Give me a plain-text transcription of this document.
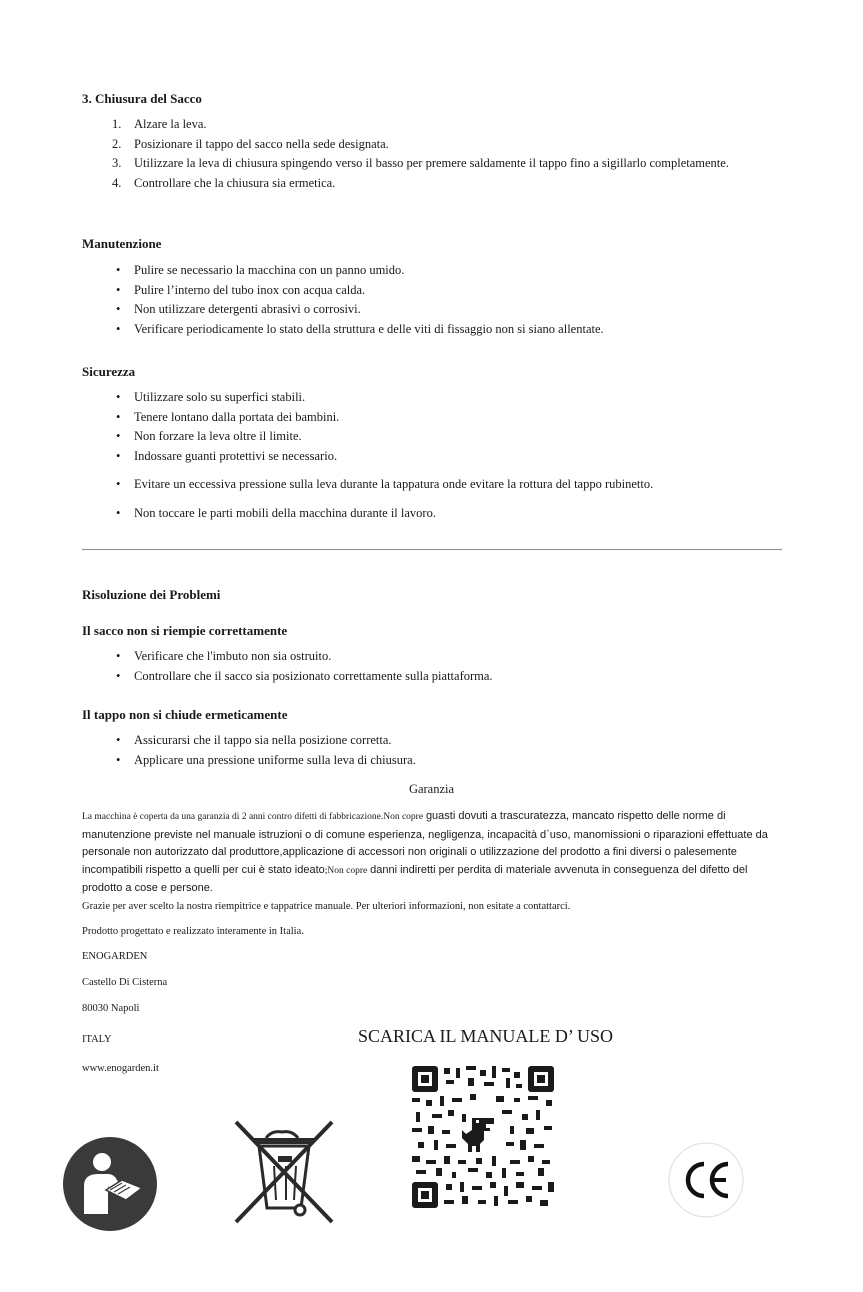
3. Chiusura del Sacco
1. Alzare la leva.
2. Posizionare il tappo del sacco nella sede designata.
3. Utilizzare la leva di chiusura spingendo verso il basso per premere saldamente il tappo fino a sigillarlo completamente.
4. Controllare che la chiusura sia ermetica.
Manutenzione
• Pulire se necessario la macchina con un panno umido.
• Pulire l’interno del tubo inox con acqua calda.
• Non utilizzare detergenti abrasivi o corrosivi.
• Verificare periodicamente lo stato della struttura e delle viti di fissaggio non si siano allentate.
Sicurezza
• Utilizzare solo su superfici stabili.
• Tenere lontano dalla portata dei bambini.
• Non forzare la leva oltre il limite.
• Indossare guanti protettivi se necessario.
• Evitare un eccessiva pressione sulla leva durante la tappatura onde evitare la rottura del tappo rubinetto.
• Non toccare le parti mobili della macchina durante il lavoro.
Risoluzione dei Problemi
Il sacco non si riempie correttamente
• Verificare che l'imbuto non sia ostruito.
• Controllare che il sacco sia posizionato correttamente sulla piattaforma.
Il tappo non si chiude ermeticamente
• Assicurarsi che il tappo sia nella posizione corretta.
• Applicare una pressione uniforme sulla leva di chiusura.
Garanzia
La macchina è coperta da una garanzia di 2 anni contro difetti di fabbricazione.Non copre guasti dovuti a trascuratezza, mancato rispetto delle norme di manutenzione previste nel manuale istruzioni o di comune esperienza, negligenza, incapacità d`uso, manomissioni o riparazioni effettuate da personale non autorizzato dal produttore,applicazione di accessori non originali o utilizzazione del prodotto a fini diversi o palesemente incompatibili rispetto a quelli per cui è stato ideato;Non copre danni indiretti per perdita di materiale avvenuta in conseguenza del difetto del prodotto a cose e persone.
Grazie per aver scelto la nostra riempitrice e tappatrice manuale. Per ulteriori informazioni, non esitate a contattarci.
Prodotto progettato e realizzato interamente in Italia.
ENOGARDEN
Castello Di Cisterna
80030 Napoli
ITALY
www.enogarden.it
SCARICA IL MANUALE D’ USO
